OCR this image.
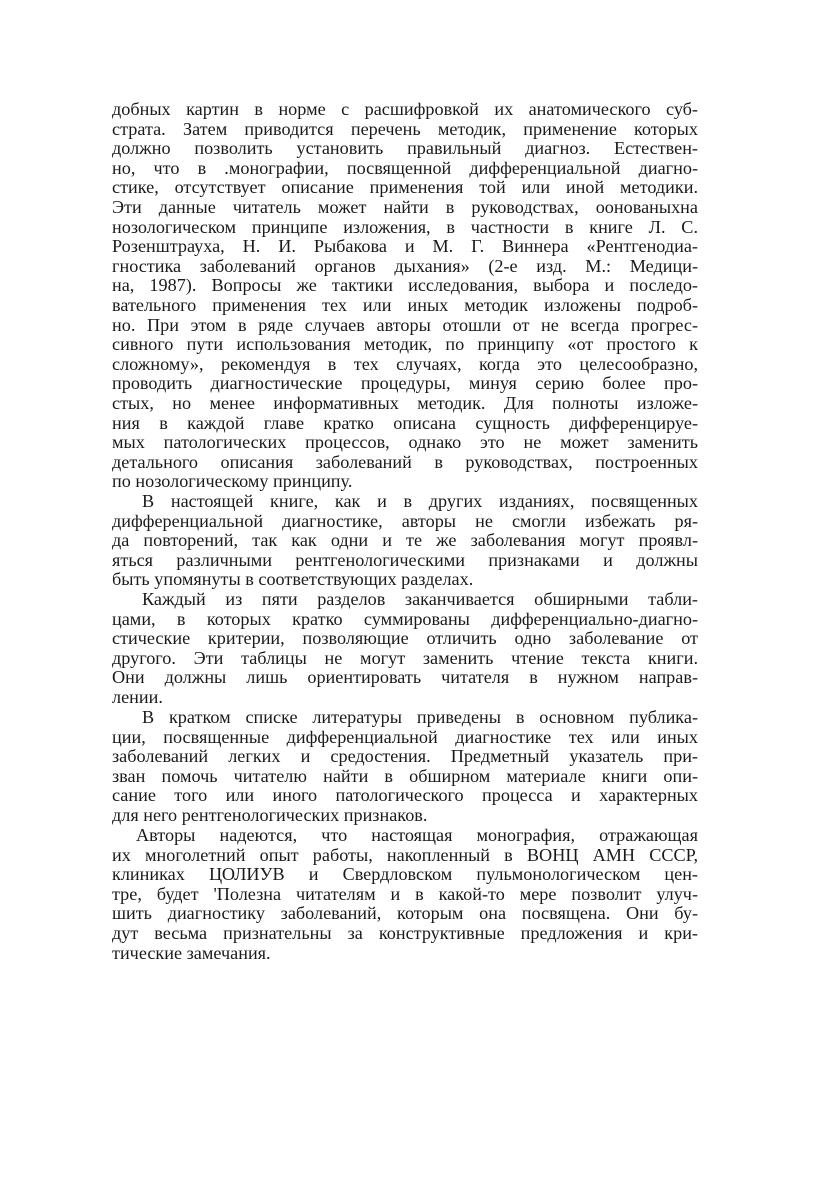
добных картин в норме с расшифровкой их анатомического суб-
страта. Затем приводится перечень методик, применение которых
должно позволить установить правильный диагноз. Естествен-
но, что в .монографии, посвященной дифференциальной диагно-
стике, отсутствует описание применения той или иной методики.
Эти данные читатель может найти в руководствах, оонованыхна
нозологическом принципе изложения, в частности в книге Л. С.
Розенштрауха, Н. И. Рыбакова и М. Г. Виннера «Рентгенодиа-
гностика заболеваний органов дыхания» (2-е изд. М.: Медици-
на, 1987). Вопросы же тактики исследования, выбора и последо-
вательного применения тех или иных методик изложены подроб-
но. При этом в ряде случаев авторы отошли от не всегда прогрес-
сивного пути использования методик, по принципу «от простого к
сложному», рекомендуя в тех случаях, когда это целесообразно,
проводить диагностические процедуры, минуя серию более про-
стых, но менее информативных методик. Для полноты изложе-
ния в каждой главе кратко описана сущность дифференцируе-
мых патологических процессов, однако это не может заменить
детального описания заболеваний в руководствах, построенных
по нозологическому принципу.
В настоящей книге, как и в других изданиях, посвященных
дифференциальной диагностике, авторы не смогли избежать ря-
да повторений, так как одни и те же заболевания могут проявл-
яться различными рентгенологическими признаками и должны
быть упомянуты в соответствующих разделах.
Каждый из пяти разделов заканчивается обширными табли-
цами, в которых кратко суммированы дифференциально-диагно-
стические критерии, позволяющие отличить одно заболевание от
другого. Эти таблицы не могут заменить чтение текста книги.
Они должны лишь ориентировать читателя в нужном направ-
лении.
В кратком списке литературы приведены в основном публика-
ции, посвященные дифференциальной диагностике тех или иных
заболеваний легких и средостения. Предметный указатель при-
зван помочь читателю найти в обширном материале книги опи-
сание того или иного патологического процесса и характерных
для него рентгенологических признаков.
Авторы надеются, что настоящая монография, отражающая
их многолетний опыт работы, накопленный в ВОНЦ АМН СССР,
клиниках ЦОЛИУВ и Свердловском пульмонологическом цен-
тре, будет 'Полезна читателям и в какой-то мере позволит улуч-
шить диагностику заболеваний, которым она посвящена. Они бу-
дут весьма признательны за конструктивные предложения и кри-
тические замечания.
